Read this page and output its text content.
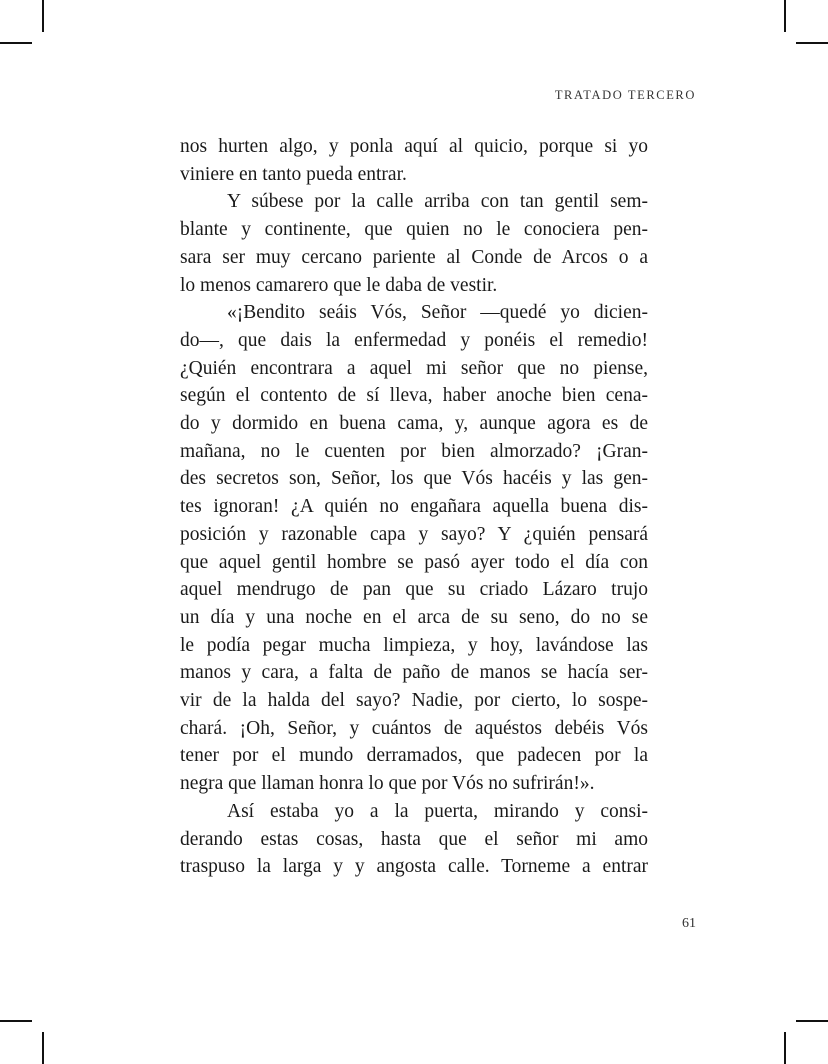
TRATADO TERCERO

nos hurten algo, y ponla aquí al quicio, porque si yo
viniere en tanto pueda entrar.

Y súbese por la calle arriba con tan gentil sem-
blante y continente, que quien no le conociera pen-
sara ser muy cercano pariente al Conde de Arcos o a
lo menos camarero que le daba de vestir.

«¡Bendito seáis Vós, Señor —quedé yo dicien-
do—, que dais la enfermedad y ponéis el remedio!
¿Quién encontrara a aquel mi señor que no piense,
según el contento de sí lleva, haber anoche bien cena-
do y dormido en buena cama, y, aunque agora es de
mañana, no le cuenten por bien almorzado? ¡Gran-
des secretos son, Señor, los que Vós hacéis y las gen-
tes ignoran! ¿A quién no engañara aquella buena dis-
posición y razonable capa y sayo? Y ¿quién pensará
que aquel gentil hombre se pasó ayer todo el día con
aquel mendrugo de pan que su criado Lázaro trujo
un día y una noche en el arca de su seno, do no se
le podía pegar mucha limpieza, y hoy, lavándose las
manos y cara, a falta de paño de manos se hacía ser-
vir de la halda del sayo? Nadie, por cierto, lo sospe-
chará. ¡Oh, Señor, y cuántos de aquéstos debéis Vós
tener por el mundo derramados, que padecen por la
negra que llaman honra lo que por Vós no sufrirán!».

Así estaba yo a la puerta, mirando y consi-
derando estas cosas, hasta que el señor mi amo
traspuso la larga y y angosta calle. Torneme a entrar

61
